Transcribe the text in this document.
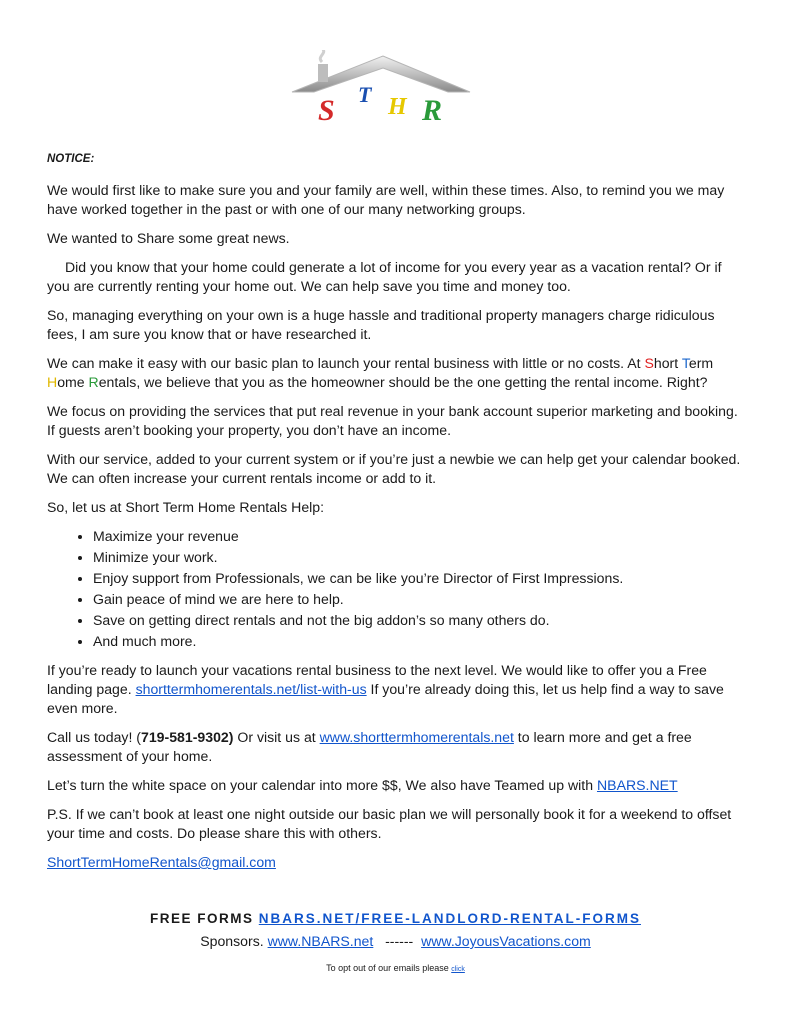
S T H R
NOTICE:

We would first like to make sure you and your family are well, within these times. Also, to remind you we may have worked together in the past or with one of our many networking groups.

We wanted to Share some great news.

Did you know that your home could generate a lot of income for you every year as a vacation rental? Or if you are currently renting your home out. We can help save you time and money too.

So, managing everything on your own is a huge hassle and traditional property managers charge ridiculous fees, I am sure you know that or have researched it.

We can make it easy with our basic plan to launch your rental business with little or no costs. At Short Term Home Rentals, we believe that you as the homeowner should be the one getting the rental income. Right?

We focus on providing the services that put real revenue in your bank account superior marketing and booking. If guests aren’t booking your property, you don’t have an income.

With our service, added to your current system or if you’re just a newbie we can help get your calendar booked. We can often increase your current rentals income or add to it.

So, let us at Short Term Home Rentals Help:

• Maximize your revenue
• Minimize your work.
• Enjoy support from Professionals, we can be like you’re Director of First Impressions.
• Gain peace of mind we are here to help.
• Save on getting direct rentals and not the big addon’s so many others do.
• And much more.

If you’re ready to launch your vacations rental business to the next level. We would like to offer you a Free landing page. shorttermhomerentals.net/list-with-us If you’re already doing this, let us help find a way to save even more.

Call us today! (719-581-9302) Or visit us at www.shorttermhomerentals.net to learn more and get a free assessment of your home.

Let’s turn the white space on your calendar into more $$, We also have Teamed up with NBARS.NET

P.S. If we can’t book at least one night outside our basic plan we will personally book it for a weekend to offset your time and costs. Do please share this with others.

ShortTermHomeRentals@gmail.com

FREE FORMS NBARS.NET/FREE-LANDLORD-RENTAL-FORMS
Sponsors. www.NBARS.net   ------  www.JoyousVacations.com
To opt out of our emails please click
